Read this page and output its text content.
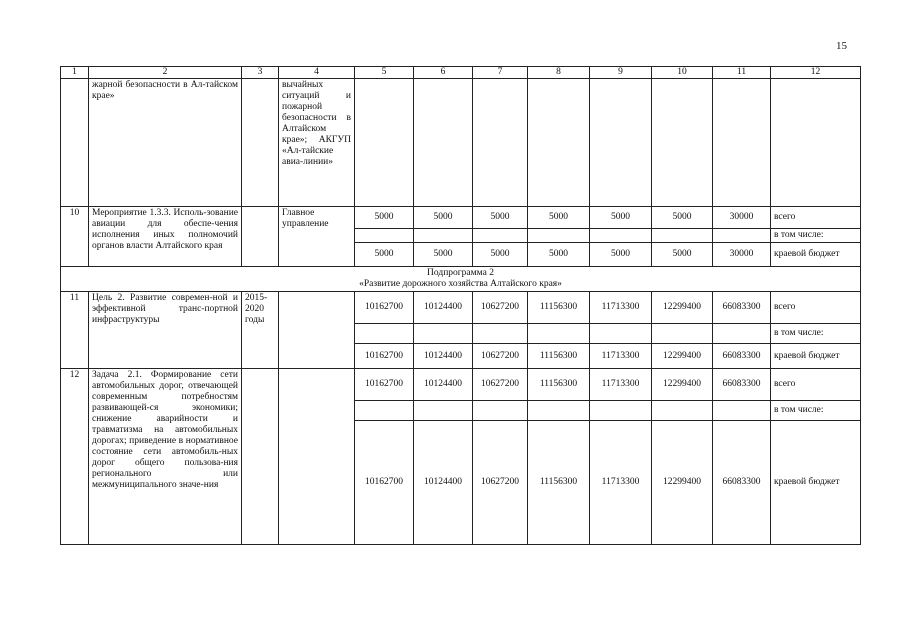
15
1	2	3	4	5	6	7	8	9	10	11	12
	жарной безопасности в Ал-тайском крае»		вычайных ситуаций и пожарной безопасности в Алтайском крае»; АКГУП «Ал-тайские авиа-линии»								
10	Мероприятие 1.3.3. Исполь-зование авиации для обеспе-чения исполнения иных полномочий органов власти Алтайского края		Главное управление	5000	5000	5000	5000	5000	5000	30000	всего
											в том числе:
				5000	5000	5000	5000	5000	5000	30000	краевой бюджет

Подпрограмма 2
«Развитие дорожного хозяйства Алтайского края»											

11	Цель 2. Развитие современ-ной и эффективной транс-портной инфраструктуры	2015-2020 годы		10162700	10124400	10627200	11156300	11713300	12299400	66083300	всего
											в том числе:
				10162700	10124400	10627200	11156300	11713300	12299400	66083300	краевой бюджет
12	Задача 2.1. Формирование сети автомобильных дорог, отвечающей современным потребностям развивающей-ся экономики; снижение аварийности и травматизма на автомобильных дорогах; приведение в нормативное состояние сети автомобиль-ных дорог общего пользова-ния регионального или межмуниципального значе-ния			10162700	10124400	10627200	11156300	11713300	12299400	66083300	всего
											в том числе:
				10162700	10124400	10627200	11156300	11713300	12299400	66083300	краевой бюджет
